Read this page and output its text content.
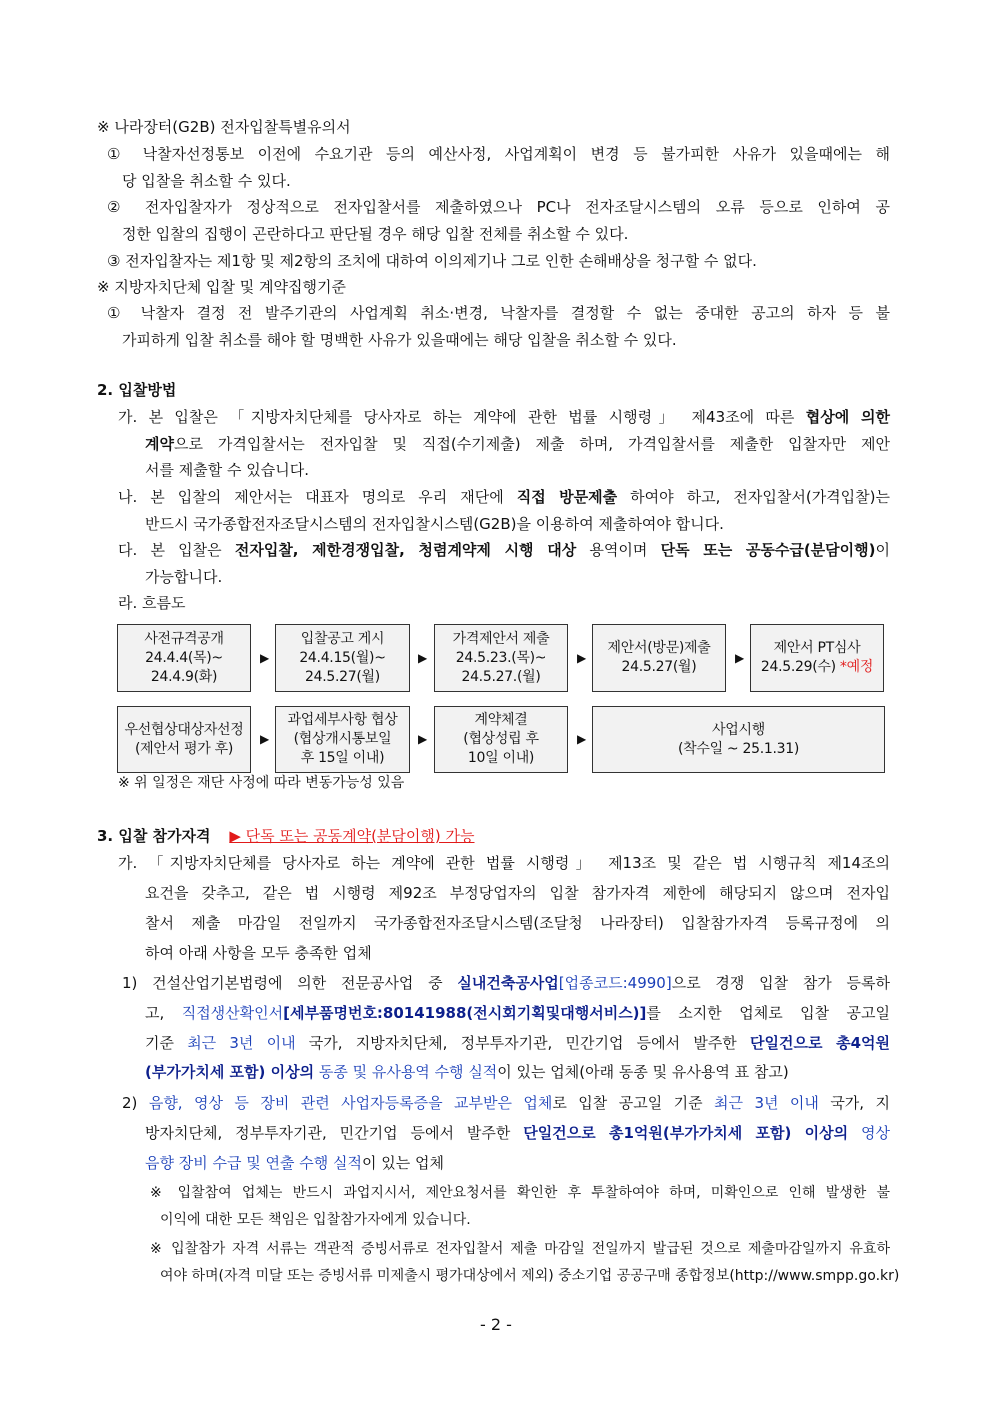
※ 나라장터(G2B) 전자입찰특별유의서
① 낙찰자선정통보 이전에 수요기관 등의 예산사정, 사업계획이 변경 등 불가피한 사유가 있을때에는 해
당 입찰을 취소할 수 있다.
② 전자입찰자가 정상적으로 전자입찰서를 제출하였으나 PC나 전자조달시스템의 오류 등으로 인하여 공
정한 입찰의 집행이 곤란하다고 판단될 경우 해당 입찰 전체를 취소할 수 있다.
③ 전자입찰자는 제1항 및 제2항의 조치에 대하여 이의제기나 그로 인한 손해배상을 청구할 수 없다.
※ 지방자치단체 입찰 및 계약집행기준
① 낙찰자 결정 전 발주기관의 사업계획 취소·변경, 낙찰자를 결정할 수 없는 중대한 공고의 하자 등 불
가피하게 입찰 취소를 해야 할 명백한 사유가 있을때에는 해당 입찰을 취소할 수 있다.
2. 입찰방법
가. 본 입찰은 「지방자치단체를 당사자로 하는 계약에 관한 법률 시행령」 제43조에 따른 협상에 의한
계약으로 가격입찰서는 전자입찰 및 직접(수기제출) 제출 하며, 가격입찰서를 제출한 입찰자만 제안
서를 제출할 수 있습니다.
나. 본 입찰의 제안서는 대표자 명의로 우리 재단에 직접 방문제출 하여야 하고, 전자입찰서(가격입찰)는
반드시 국가종합전자조달시스템의 전자입찰시스템(G2B)을 이용하여 제출하여야 합니다.
다. 본 입찰은 전자입찰, 제한경쟁입찰, 청렴계약제 시행 대상 용역이며 단독 또는 공동수급(분담이행)이
가능합니다.
라. 흐름도
사전규격공개
24.4.4(목)~
24.4.9(화)
▶
입찰공고 게시
24.4.15(월)~
24.5.27(월)
▶
가격제안서 제출
24.5.23.(목)~
24.5.27.(월)
▶
제안서(방문)제출
24.5.27(월)
▶
제안서 PT심사
24.5.29(수) *예정
우선협상대상자선정
(제안서 평가 후)
▶
과업세부사항 협상
(협상개시통보일
후 15일 이내)
▶
계약체결
(협상성립 후
10일 이내)
▶
사업시행
(착수일 ~ 25.1.31)
※ 위 일정은 재단 사정에 따라 변동가능성 있음
3. 입찰 참가자격 ▶ 단독 또는 공동계약(분담이행) 가능
가. 「지방자치단체를 당사자로 하는 계약에 관한 법률 시행령」 제13조 및 같은 법 시행규칙 제14조의
요건을 갖추고, 같은 법 시행령 제92조 부정당업자의 입찰 참가자격 제한에 해당되지 않으며 전자입
찰서 제출 마감일 전일까지 국가종합전자조달시스템(조달청 나라장터) 입찰참가자격 등록규정에 의
하여 아래 사항을 모두 충족한 업체
1) 건설산업기본법령에 의한 전문공사업 중 실내건축공사업[업종코드:4990]으로 경쟁 입찰 참가 등록하
고, 직접생산확인서[세부품명번호:80141988(전시회기획및대행서비스)]를 소지한 업체로 입찰 공고일
기준 최근 3년 이내 국가, 지방자치단체, 정부투자기관, 민간기업 등에서 발주한 단일건으로 총4억원
(부가가치세 포함) 이상의 동종 및 유사용역 수행 실적이 있는 업체(아래 동종 및 유사용역 표 참고)
2) 음향, 영상 등 장비 관련 사업자등록증을 교부받은 업체로 입찰 공고일 기준 최근 3년 이내 국가, 지
방자치단체, 정부투자기관, 민간기업 등에서 발주한 단일건으로 총1억원(부가가치세 포함) 이상의 영상
음향 장비 수급 및 연출 수행 실적이 있는 업체
※ 입찰참여 업체는 반드시 과업지시서, 제안요청서를 확인한 후 투찰하여야 하며, 미확인으로 인해 발생한 불
이익에 대한 모든 책임은 입찰참가자에게 있습니다.
※ 입찰참가 자격 서류는 객관적 증빙서류로 전자입찰서 제출 마감일 전일까지 발급된 것으로 제출마감일까지 유효하
여야 하며(자격 미달 또는 증빙서류 미제출시 평가대상에서 제외) 중소기업 공공구매 종합정보(http://www.smpp.go.kr)
- 2 -
